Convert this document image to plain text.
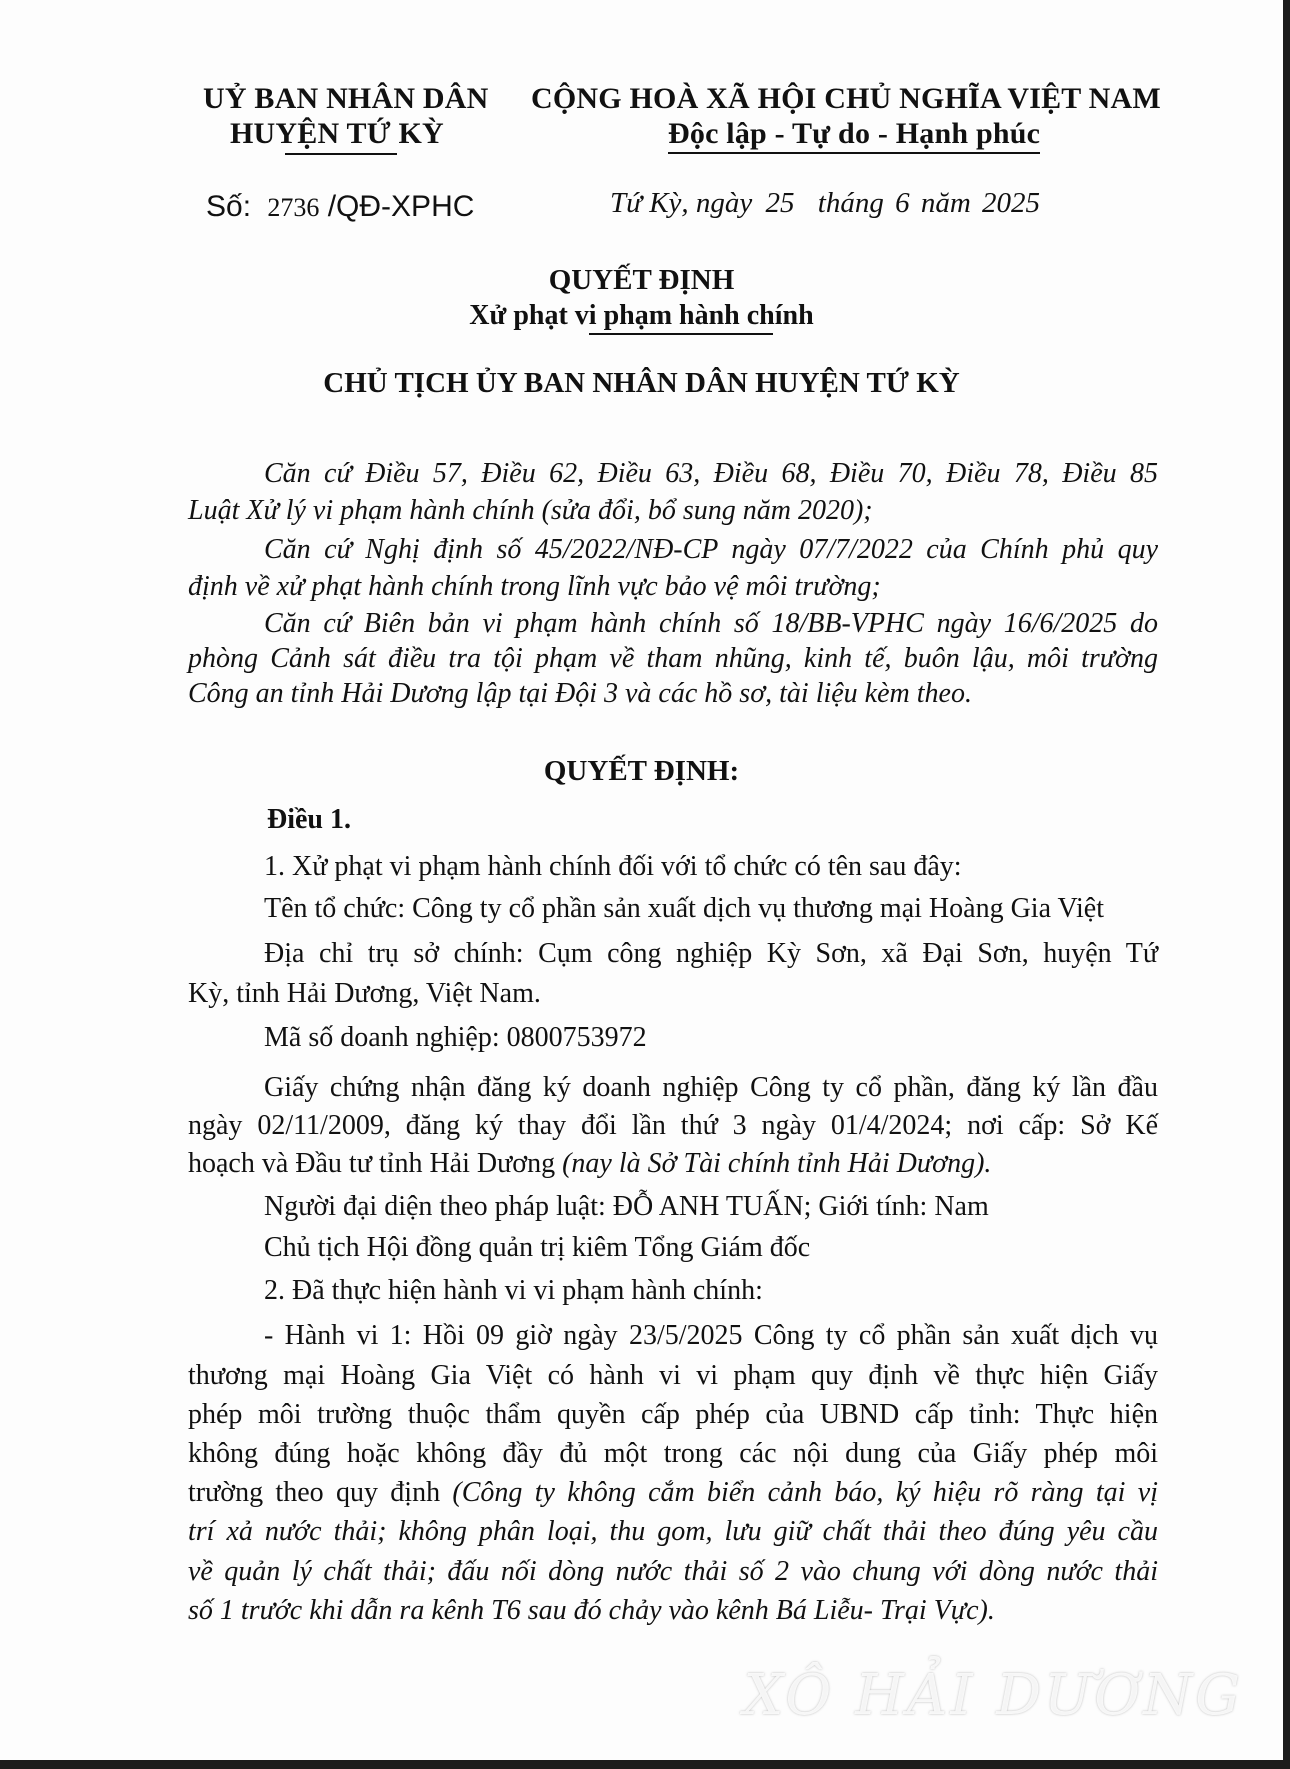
UỶ BAN NHÂN DÂN
HUYỆN TỨ KỲ
CỘNG HOÀ XÃ HỘI CHỦ NGHĨA VIỆT NAM
Độc lập - Tự do - Hạnh phúc
Số: 2736 /QĐ-XPHC	Tứ Kỳ, ngày 25 tháng 6 năm 2025
QUYẾT ĐỊNH
Xử phạt vi phạm hành chính
CHỦ TỊCH ỦY BAN NHÂN DÂN HUYỆN TỨ KỲ
Căn cứ Điều 57, Điều 62, Điều 63, Điều 68, Điều 70, Điều 78, Điều 85
Luật Xử lý vi phạm hành chính (sửa đổi, bổ sung năm 2020);
Căn cứ Nghị định số 45/2022/NĐ-CP ngày 07/7/2022 của Chính phủ quy
định về xử phạt hành chính trong lĩnh vực bảo vệ môi trường;
Căn cứ Biên bản vi phạm hành chính số 18/BB-VPHC ngày 16/6/2025 do
phòng Cảnh sát điều tra tội phạm về tham nhũng, kinh tế, buôn lậu, môi trường
Công an tỉnh Hải Dương lập tại Đội 3 và các hồ sơ, tài liệu kèm theo.
QUYẾT ĐỊNH:
Điều 1.
1. Xử phạt vi phạm hành chính đối với tổ chức có tên sau đây:
Tên tổ chức: Công ty cổ phần sản xuất dịch vụ thương mại Hoàng Gia Việt
Địa chỉ trụ sở chính: Cụm công nghiệp Kỳ Sơn, xã Đại Sơn, huyện Tứ
Kỳ, tỉnh Hải Dương, Việt Nam.
Mã số doanh nghiệp: 0800753972
Giấy chứng nhận đăng ký doanh nghiệp Công ty cổ phần, đăng ký lần đầu
ngày 02/11/2009, đăng ký thay đổi lần thứ 3 ngày 01/4/2024; nơi cấp: Sở Kế
hoạch và Đầu tư tỉnh Hải Dương (nay là Sở Tài chính tỉnh Hải Dương).
Người đại diện theo pháp luật: ĐỖ ANH TUẤN; Giới tính: Nam
Chủ tịch Hội đồng quản trị kiêm Tổng Giám đốc
2. Đã thực hiện hành vi vi phạm hành chính:
- Hành vi 1: Hồi 09 giờ ngày 23/5/2025 Công ty cổ phần sản xuất dịch vụ
thương mại Hoàng Gia Việt có hành vi vi phạm quy định về thực hiện Giấy
phép môi trường thuộc thẩm quyền cấp phép của UBND cấp tỉnh: Thực hiện
không đúng hoặc không đầy đủ một trong các nội dung của Giấy phép môi
trường theo quy định (Công ty không cắm biển cảnh báo, ký hiệu rõ ràng tại vị
trí xả nước thải; không phân loại, thu gom, lưu giữ chất thải theo đúng yêu cầu
về quản lý chất thải; đấu nối dòng nước thải số 2 vào chung với dòng nước thải
số 1 trước khi dẫn ra kênh T6 sau đó chảy vào kênh Bá Liễu- Trại Vực).
XÔ HẢI DƯƠNG
